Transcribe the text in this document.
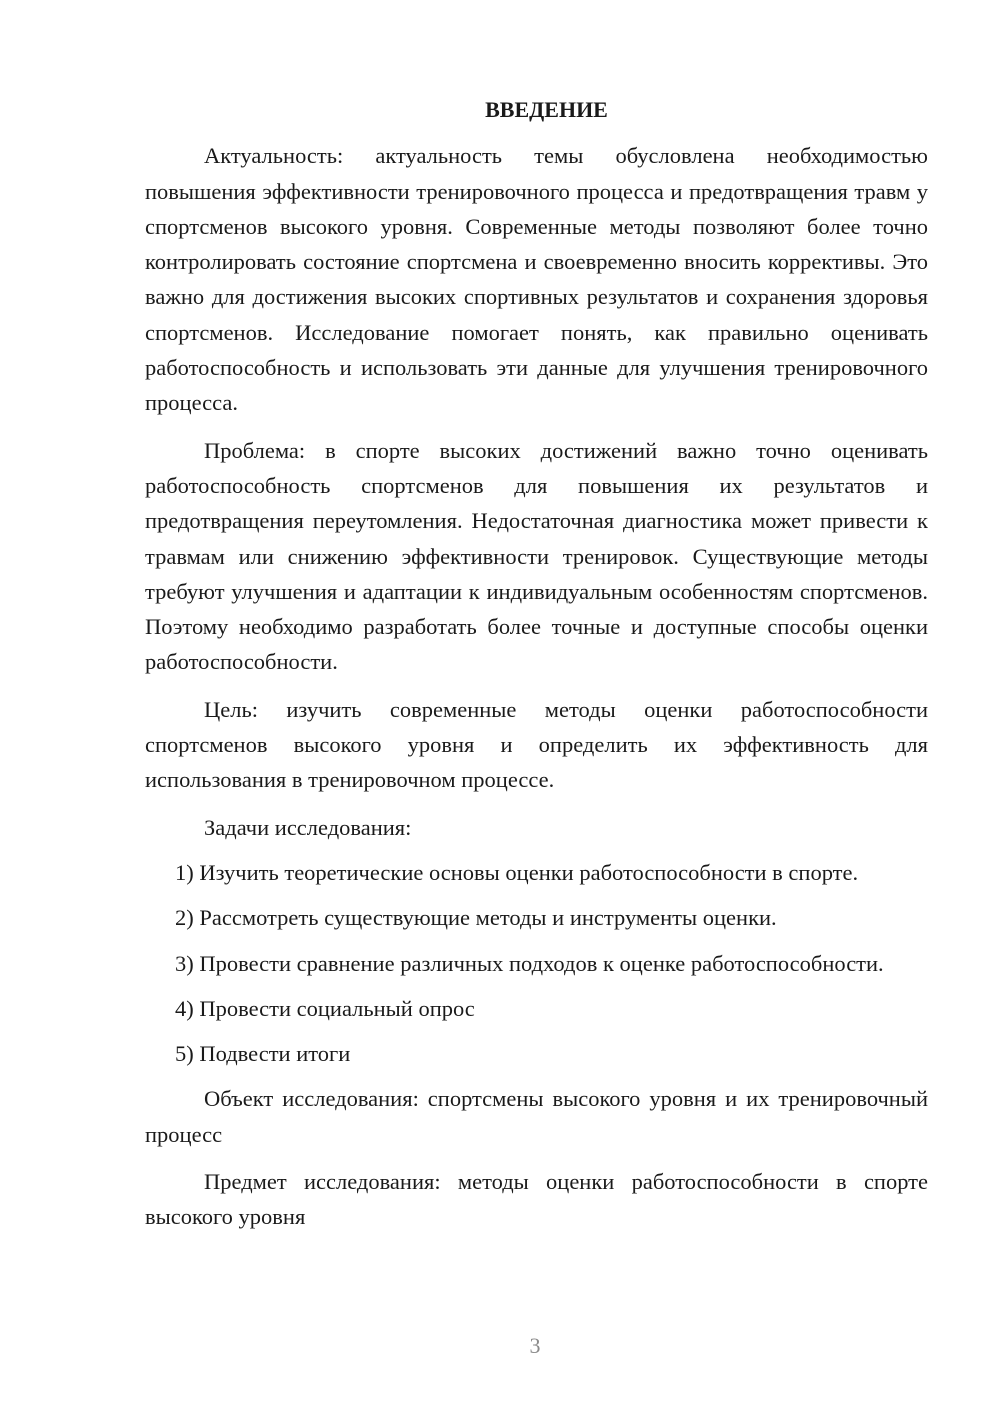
ВВЕДЕНИЕ

Актуальность: актуальность темы обусловлена необходимостью повышения эффективности тренировочного процесса и предотвращения травм у спортсменов высокого уровня. Современные методы позволяют более точно контролировать состояние спортсмена и своевременно вносить коррективы. Это важно для достижения высоких спортивных результатов и сохранения здоровья спортсменов. Исследование помогает понять, как правильно оценивать работоспособность и использовать эти данные для улучшения тренировочного процесса.

Проблема: в спорте высоких достижений важно точно оценивать работоспособность спортсменов для повышения их результатов и предотвращения переутомления. Недостаточная диагностика может привести к травмам или снижению эффективности тренировок. Существующие методы требуют улучшения и адаптации к индивидуальным особенностям спортсменов. Поэтому необходимо разработать более точные и доступные способы оценки работоспособности.

Цель: изучить современные методы оценки работоспособности спортсменов высокого уровня и определить их эффективность для использования в тренировочном процессе.

Задачи исследования:

1) Изучить теоретические основы оценки работоспособности в спорте.

2) Рассмотреть существующие методы и инструменты оценки.

3) Провести сравнение различных подходов к оценке работоспособности.

4) Провести социальный опрос

5) Подвести итоги

Объект исследования: спортсмены высокого уровня и их тренировочный процесс

Предмет исследования: методы оценки работоспособности в спорте высокого уровня

3
